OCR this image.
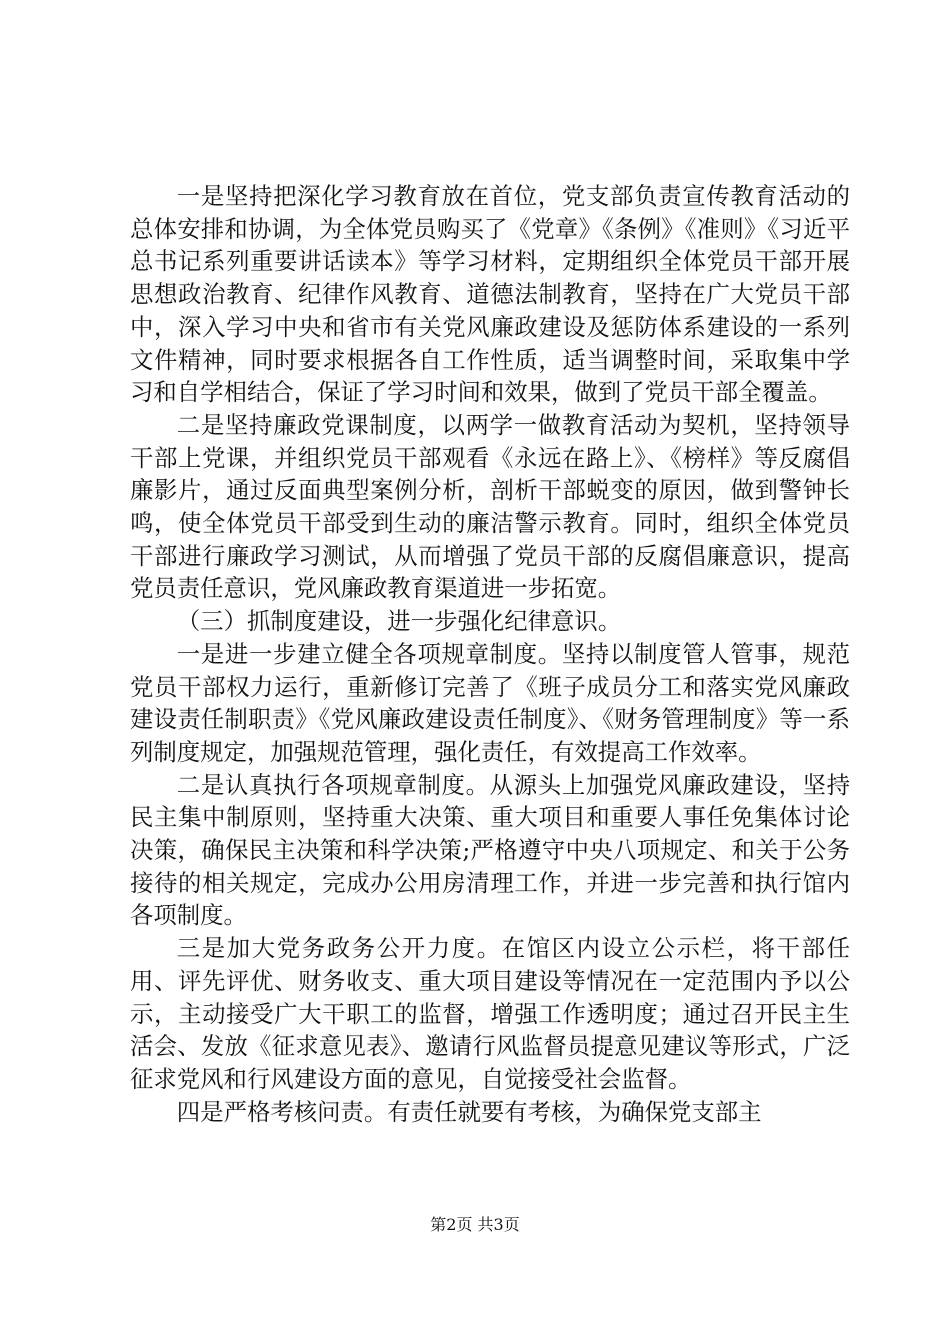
一是坚持把深化学习教育放在首位，党支部负责宣传教育活动的总体安排和协调，为全体党员购买了《党章》《条例》《准则》《习近平总书记系列重要讲话读本》等学习材料，定期组织全体党员干部开展思想政治教育、纪律作风教育、道德法制教育，坚持在广大党员干部中，深入学习中央和省市有关党风廉政建设及惩防体系建设的一系列文件精神，同时要求根据各自工作性质，适当调整时间，采取集中学习和自学相结合，保证了学习时间和效果，做到了党员干部全覆盖。

二是坚持廉政党课制度，以两学一做教育活动为契机，坚持领导干部上党课，并组织党员干部观看《永远在路上》、《榜样》等反腐倡廉影片，通过反面典型案例分析，剖析干部蜕变的原因，做到警钟长鸣，使全体党员干部受到生动的廉洁警示教育。同时，组织全体党员干部进行廉政学习测试，从而增强了党员干部的反腐倡廉意识，提高党员责任意识，党风廉政教育渠道进一步拓宽。

（三）抓制度建设，进一步强化纪律意识。

一是进一步建立健全各项规章制度。坚持以制度管人管事，规范党员干部权力运行，重新修订完善了《班子成员分工和落实党风廉政建设责任制职责》《党风廉政建设责任制度》、《财务管理制度》等一系列制度规定，加强规范管理，强化责任，有效提高工作效率。

二是认真执行各项规章制度。从源头上加强党风廉政建设，坚持民主集中制原则，坚持重大决策、重大项目和重要人事任免集体讨论决策，确保民主决策和科学决策;严格遵守中央八项规定、和关于公务接待的相关规定，完成办公用房清理工作，并进一步完善和执行馆内各项制度。

三是加大党务政务公开力度。在馆区内设立公示栏，将干部任用、评先评优、财务收支、重大项目建设等情况在一定范围内予以公示，主动接受广大干职工的监督，增强工作透明度；通过召开民主生活会、发放《征求意见表》、邀请行风监督员提意见建议等形式，广泛征求党风和行风建设方面的意见，自觉接受社会监督。

四是严格考核问责。有责任就要有考核，为确保党支部主

第2页 共3页
